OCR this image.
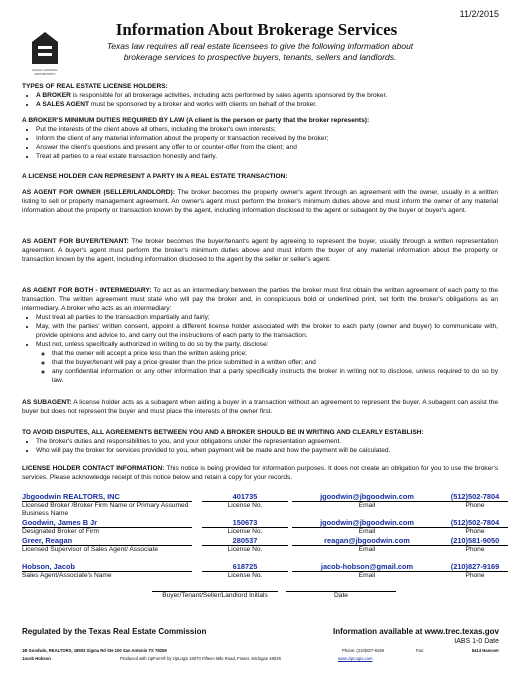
11/2/2015
EQUAL HOUSING OPPORTUNITY
Information About Brokerage Services
Texas law requires all real estate licensees to give the following information about brokerage services to prospective buyers, tenants, sellers and landlords.
TYPES OF REAL ESTATE LICENSE HOLDERS:
• A BROKER is responsible for all brokerage activities, including acts performed by sales agents sponsored by the broker.
• A SALES AGENT must be sponsored by a broker and works with clients on behalf of the broker.
A BROKER'S MINIMUM DUTIES REQUIRED BY LAW (A client is the person or party that the broker represents):
• Put the interests of the client above all others, including the broker's own interests;
• Inform the client of any material information about the property or transaction received by the broker;
• Answer the client's questions and present any offer to or counter-offer from the client; and
• Treat all parties to a real estate transaction honestly and fairly.
A LICENSE HOLDER CAN REPRESENT A PARTY IN A REAL ESTATE TRANSACTION:
AS AGENT FOR OWNER (SELLER/LANDLORD): The broker becomes the property owner's agent through an agreement with the owner, usually in a written listing to sell or property management agreement. An owner's agent must perform the broker's minimum duties above and must inform the owner of any material information about the property or transaction known by the agent, including information disclosed to the agent or subagent by the buyer or buyer's agent.
AS AGENT FOR BUYER/TENANT: The broker becomes the buyer/tenant's agent by agreeing to represent the buyer, usually through a written representation agreement. A buyer's agent must perform the broker's minimum duties above and must inform the buyer of any material information about the property or transaction known by the agent, including information disclosed to the agent by the seller or seller's agent.
AS AGENT FOR BOTH - INTERMEDIARY: To act as an intermediary between the parties the broker must first obtain the written agreement of each party to the transaction. The written agreement must state who will pay the broker and, in conspicuous bold or underlined print, set forth the broker's obligations as an intermediary. A broker who acts as an intermediary:
• Must treat all parties to the transaction impartially and fairly;
• May, with the parties' written consent, appoint a different license holder associated with the broker to each party (owner and buyer) to communicate with, provide opinions and advice to, and carry out the instructions of each party to the transaction.
• Must not, unless specifically authorized in writing to do so by the party, disclose:
◦ that the owner will accept a price less than the written asking price;
◦ that the buyer/tenant will pay a price greater than the price submitted in a written offer; and
◦ any confidential information or any other information that a party specifically instructs the broker in writing not to disclose, unless required to do so by law.
AS SUBAGENT: A license holder acts as a subagent when aiding a buyer in a transaction without an agreement to represent the buyer. A subagent can assist the buyer but does not represent the buyer and must place the interests of the owner first.
TO AVOID DISPUTES, ALL AGREEMENTS BETWEEN YOU AND A BROKER SHOULD BE IN WRITING AND CLEARLY ESTABLISH:
• The broker's duties and responsibilities to you, and your obligations under the representation agreement.
• Who will pay the broker for services provided to you, when payment will be made and how the payment will be calculated.
LICENSE HOLDER CONTACT INFORMATION: This notice is being provided for information purposes. It does not create an obligation for you to use the broker's services. Please acknowledge receipt of this notice below and retain a copy for your records.
Jbgoodwin REALTORS, INC	401735	jgoodwin@jbgoodwin.com	(512)502-7804
Licensed Broker /Broker Firm Name or Primary Assumed Business Name
License No.	Email	Phone
Goodwin, James B Jr	150673	jgoodwin@jbgoodwin.com	(512)502-7804
Designated Broker of Firm	License No.	Email	Phone
Greer, Reagan	280537	reagan@jbgoodwin.com	(210)581-9050
Licensed Supervisor of Sales Agent/ Associate	License No.	Email	Phone
Hobson, Jacob	618725	jacob-hobson@gmail.com	(210)827-9169
Sales Agent/Associate's Name	License No.	Email	Phone
Buyer/Tenant/Seller/Landlord Initials	Date
Regulated by the Texas Real Estate Commission	Information available at www.trec.texas.gov
IABS 1-0 Date
JB Goodwin, REALTORS, 18503 Sigma Rd Ste 100 San Antonio TX 78258	Phone: (210)827-9169	Fax:	5414 Hanover
Jacob Hobson	Produced with zipForm® by zipLogix 18070 Fifteen Mile Road, Fraser, Michigan 48026	www.zipLogix.com
